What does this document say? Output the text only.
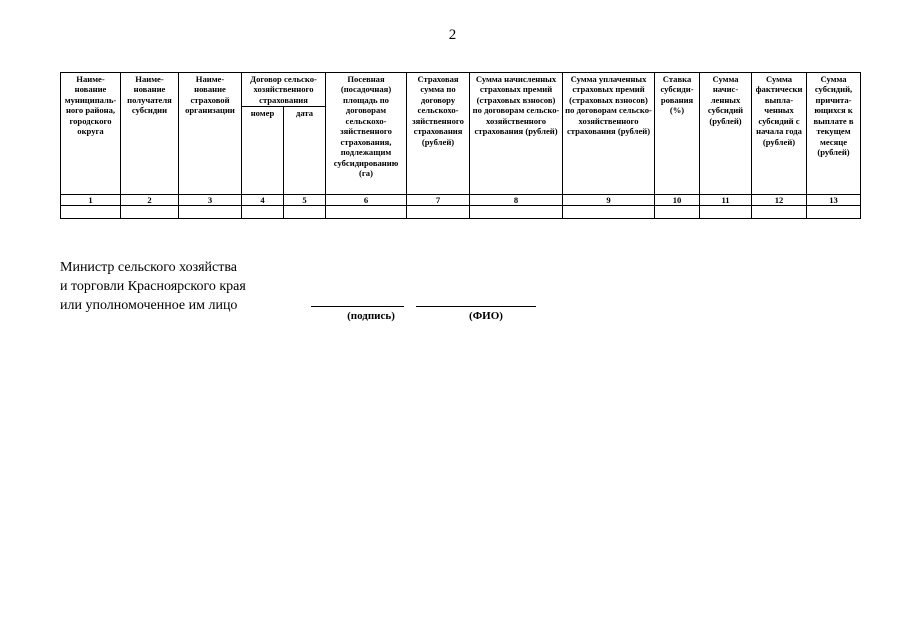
2
Наиме-нование муниципаль-ного района, городского округа	Наиме-нование получателя субсидии	Наиме-нование страховой организации	Договор сельско-хозяйственного страхования		Посевная (посадочная) площадь по договорам сельскохо-зяйственного страхования, подлежащим субсидированию (га)	Страховая сумма по договору сельскохо-зяйственного страхования (рублей)	Сумма начисленных страховых премий (страховых взносов) по договорам сельско-хозяйственного страхования (рублей)	Сумма уплаченных страховых премий (страховых взносов) по договорам сельско-хозяйственного страхования (рублей)	Ставка субсиди-рования (%)	Сумма начис-ленных субсидий (рублей)	Сумма фактически выпла-ченных субсидий с начала года (рублей)	Сумма субсидий, причита-ющихся к выплате в текущем месяце (рублей)
			номер	дата								
1	2	3	4	5	6	7	8	9	10	11	12	13

Министр сельского хозяйства
и торговли Красноярского края
или уполномоченное им лицо
(подпись)	(ФИО)
